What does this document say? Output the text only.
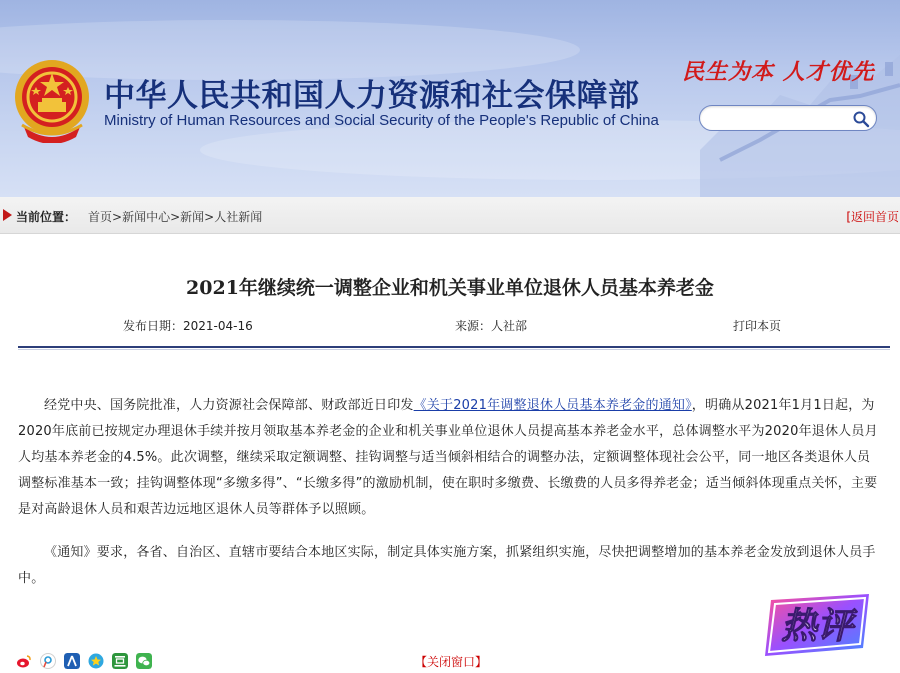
中华人民共和国人力资源和社会保障部
Ministry of Human Resources and Social Security of the People's Republic of China
民生为本 人才优先
当前位置： 首页>新闻中心>新闻>人社新闻	[返回首页
2021年继续统一调整企业和机关事业单位退休人员基本养老金
发布日期：2021-04-16	来源：人社部	打印本页

经党中央、国务院批准，人力资源社会保障部、财政部近日印发《关于2021年调整退休人员基本养老金的通知》，明确从2021年1月1日起，为2020年底前已按规定办理退休手续并按月领取基本养老金的企业和机关事业单位退休人员提高基本养老金水平，总体调整水平为2020年退休人员月人均基本养老金的4.5%。此次调整，继续采取定额调整、挂钩调整与适当倾斜相结合的调整办法，定额调整体现社会公平，同一地区各类退休人员调整标准基本一致；挂钩调整体现“多缴多得”、“长缴多得”的激励机制，使在职时多缴费、长缴费的人员多得养老金；适当倾斜体现重点关怀，主要是对高龄退休人员和艰苦边远地区退休人员等群体予以照顾。

《通知》要求，各省、自治区、直辖市要结合本地区实际，制定具体实施方案，抓紧组织实施，尽快把调整增加的基本养老金发放到退休人员手中。

【关闭窗口】
热评
